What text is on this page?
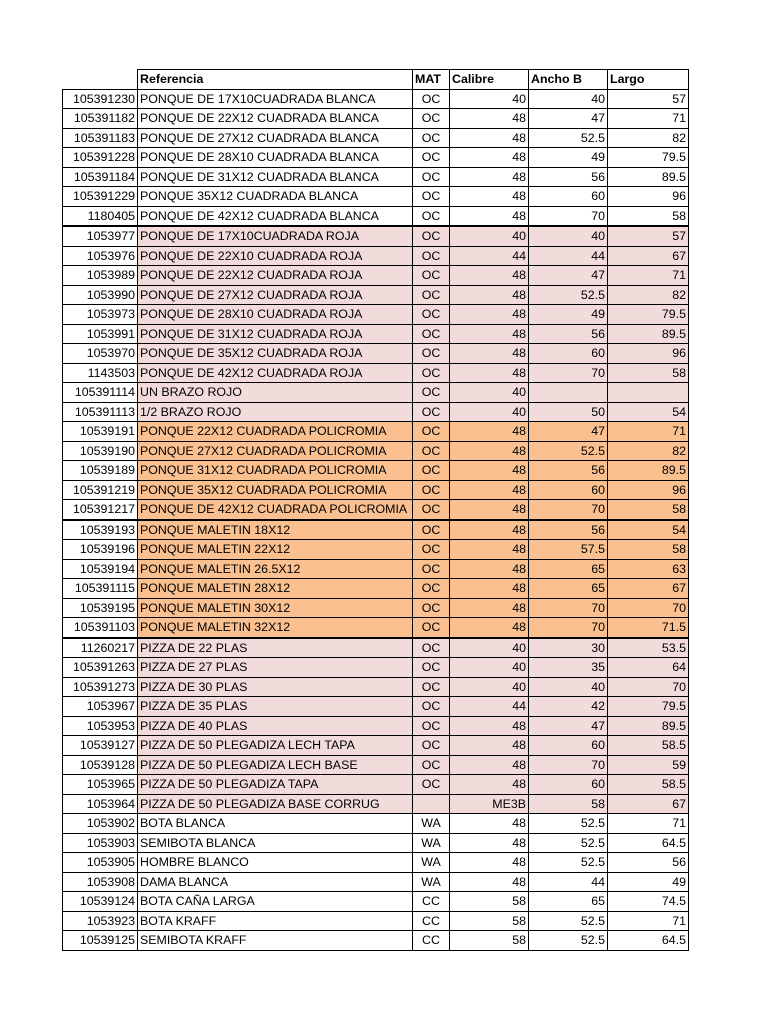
	Referencia	MAT	Calibre	Ancho B	Largo
105391230	PONQUE DE 17X10CUADRADA BLANCA	OC	40	40	57
105391182	PONQUE DE 22X12 CUADRADA BLANCA	OC	48	47	71
105391183	PONQUE DE 27X12 CUADRADA BLANCA	OC	48	52.5	82
105391228	PONQUE DE 28X10 CUADRADA BLANCA	OC	48	49	79.5
105391184	PONQUE DE 31X12 CUADRADA BLANCA	OC	48	56	89.5
105391229	PONQUE 35X12 CUADRADA BLANCA	OC	48	60	96
1180405	PONQUE DE 42X12 CUADRADA BLANCA	OC	48	70	58
1053977	PONQUE DE 17X10CUADRADA ROJA	OC	40	40	57
1053976	PONQUE DE 22X10 CUADRADA ROJA	OC	44	44	67
1053989	PONQUE DE 22X12 CUADRADA ROJA	OC	48	47	71
1053990	PONQUE DE 27X12 CUADRADA ROJA	OC	48	52.5	82
1053973	PONQUE DE 28X10 CUADRADA ROJA	OC	48	49	79.5
1053991	PONQUE DE 31X12 CUADRADA ROJA	OC	48	56	89.5
1053970	PONQUE DE 35X12 CUADRADA ROJA	OC	48	60	96
1143503	PONQUE DE 42X12 CUADRADA ROJA	OC	48	70	58
105391114	UN BRAZO ROJO	OC	40		
105391113	1/2 BRAZO ROJO	OC	40	50	54
10539191	PONQUE 22X12 CUADRADA POLICROMIA	OC	48	47	71
10539190	PONQUE 27X12 CUADRADA POLICROMIA	OC	48	52.5	82
10539189	PONQUE 31X12 CUADRADA POLICROMIA	OC	48	56	89.5
105391219	PONQUE 35X12 CUADRADA POLICROMIA	OC	48	60	96
105391217	PONQUE DE 42X12 CUADRADA POLICROMIA	OC	48	70	58
10539193	PONQUE MALETIN 18X12	OC	48	56	54
10539196	PONQUE MALETIN 22X12	OC	48	57.5	58
10539194	PONQUE MALETIN 26.5X12	OC	48	65	63
105391115	PONQUE MALETIN 28X12	OC	48	65	67
10539195	PONQUE MALETIN 30X12	OC	48	70	70
105391103	PONQUE MALETIN 32X12	OC	48	70	71.5
11260217	PIZZA DE 22 PLAS	OC	40	30	53.5
105391263	PIZZA DE 27 PLAS	OC	40	35	64
105391273	PIZZA DE 30 PLAS	OC	40	40	70
1053967	PIZZA DE 35 PLAS	OC	44	42	79.5
1053953	PIZZA DE 40 PLAS	OC	48	47	89.5
10539127	PIZZA DE 50 PLEGADIZA LECH TAPA	OC	48	60	58.5
10539128	PIZZA DE 50 PLEGADIZA LECH BASE	OC	48	70	59
1053965	PIZZA DE 50 PLEGADIZA TAPA	OC	48	60	58.5
1053964	PIZZA DE 50 PLEGADIZA BASE CORRUG		ME3B	58	67
1053902	BOTA BLANCA	WA	48	52.5	71
1053903	SEMIBOTA BLANCA	WA	48	52.5	64.5
1053905	HOMBRE BLANCO	WA	48	52.5	56
1053908	DAMA BLANCA	WA	48	44	49
10539124	BOTA CAÑA LARGA	CC	58	65	74.5
1053923	BOTA KRAFF	CC	58	52.5	71
10539125	SEMIBOTA KRAFF	CC	58	52.5	64.5
